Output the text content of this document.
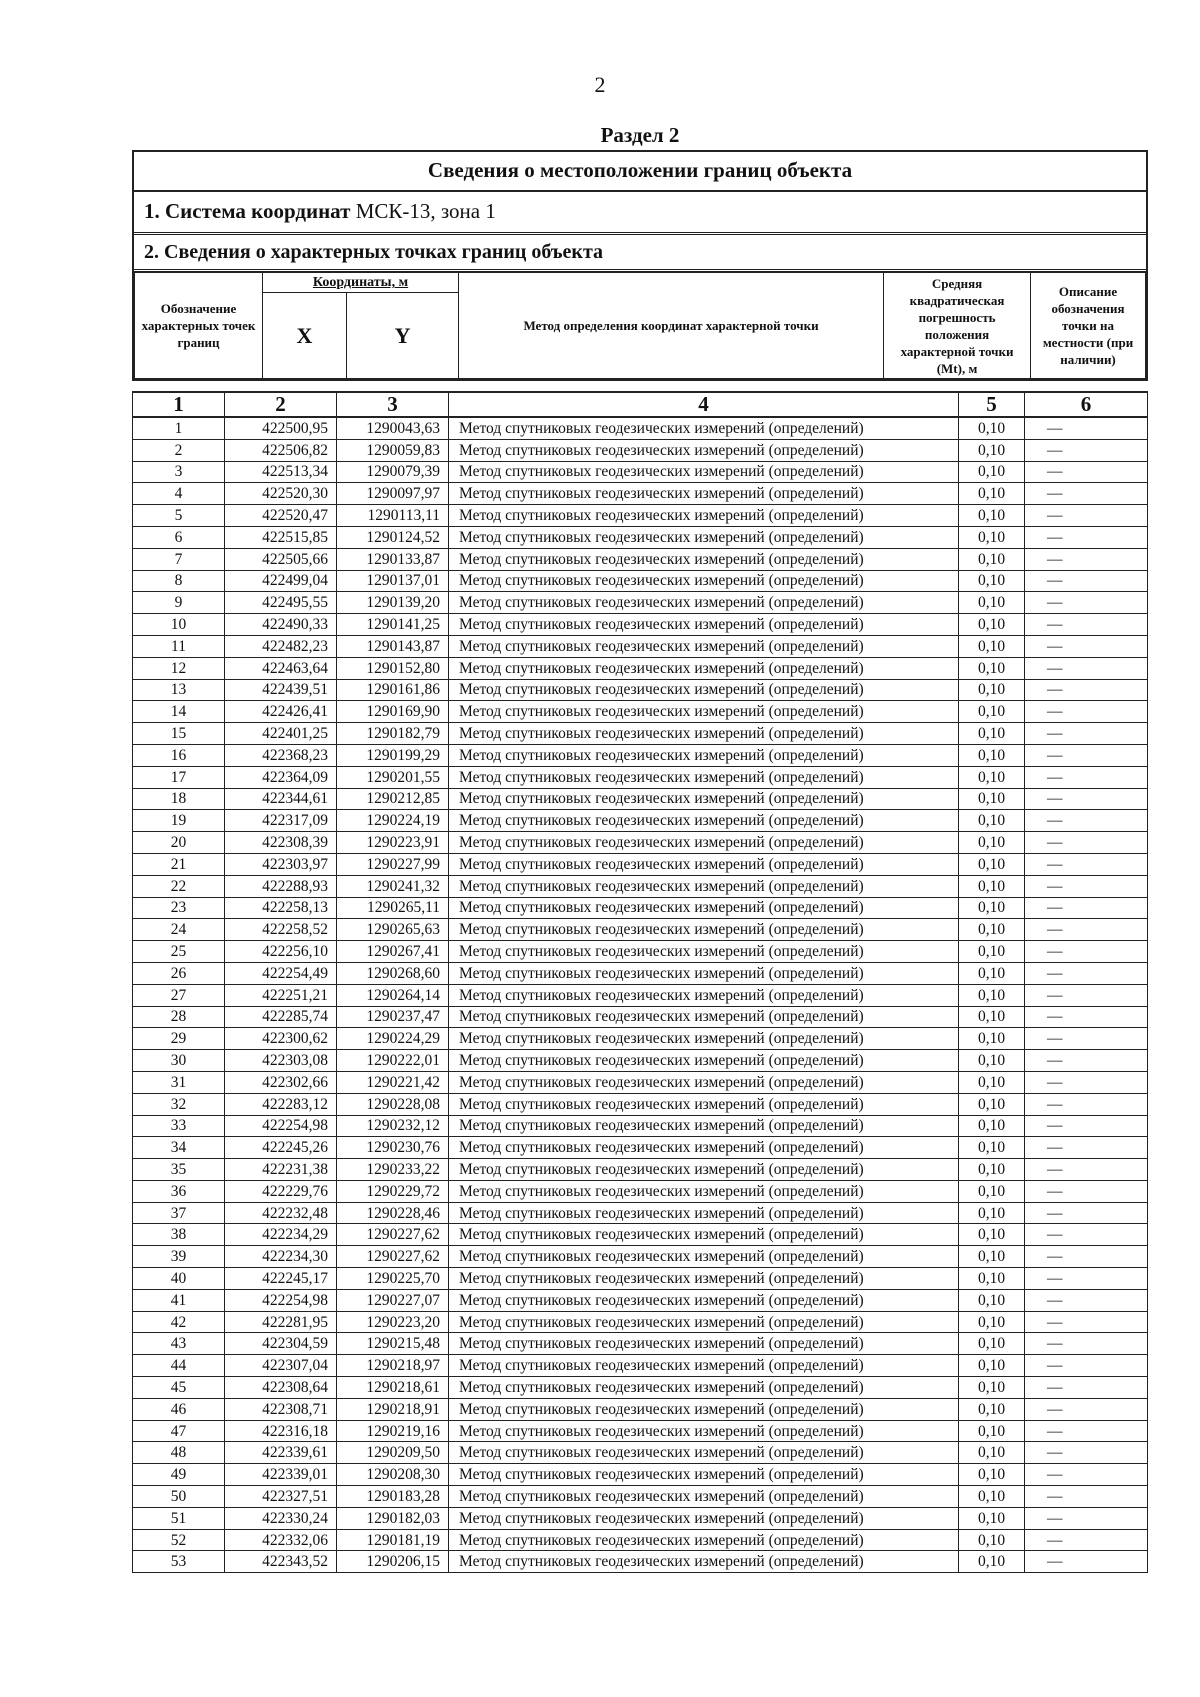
2
Раздел 2
Сведения о местоположении границ объекта
1. Система координат МСК-13, зона 1
2. Сведения о характерных точках границ объекта
Обозначение характерных точек границ	Координаты, м		Метод определения координат характерной точки	Средняя квадратическая погрешность положения характерной точки (Мt), м	Описание обозначения точки на местности (при наличии)
	X	Y			
1	2	3	4	5	6
1	422500,95	1290043,63	Метод спутниковых геодезических измерений (определений)	0,10	—
2	422506,82	1290059,83	Метод спутниковых геодезических измерений (определений)	0,10	—
3	422513,34	1290079,39	Метод спутниковых геодезических измерений (определений)	0,10	—
4	422520,30	1290097,97	Метод спутниковых геодезических измерений (определений)	0,10	—
5	422520,47	1290113,11	Метод спутниковых геодезических измерений (определений)	0,10	—
6	422515,85	1290124,52	Метод спутниковых геодезических измерений (определений)	0,10	—
7	422505,66	1290133,87	Метод спутниковых геодезических измерений (определений)	0,10	—
8	422499,04	1290137,01	Метод спутниковых геодезических измерений (определений)	0,10	—
9	422495,55	1290139,20	Метод спутниковых геодезических измерений (определений)	0,10	—
10	422490,33	1290141,25	Метод спутниковых геодезических измерений (определений)	0,10	—
11	422482,23	1290143,87	Метод спутниковых геодезических измерений (определений)	0,10	—
12	422463,64	1290152,80	Метод спутниковых геодезических измерений (определений)	0,10	—
13	422439,51	1290161,86	Метод спутниковых геодезических измерений (определений)	0,10	—
14	422426,41	1290169,90	Метод спутниковых геодезических измерений (определений)	0,10	—
15	422401,25	1290182,79	Метод спутниковых геодезических измерений (определений)	0,10	—
16	422368,23	1290199,29	Метод спутниковых геодезических измерений (определений)	0,10	—
17	422364,09	1290201,55	Метод спутниковых геодезических измерений (определений)	0,10	—
18	422344,61	1290212,85	Метод спутниковых геодезических измерений (определений)	0,10	—
19	422317,09	1290224,19	Метод спутниковых геодезических измерений (определений)	0,10	—
20	422308,39	1290223,91	Метод спутниковых геодезических измерений (определений)	0,10	—
21	422303,97	1290227,99	Метод спутниковых геодезических измерений (определений)	0,10	—
22	422288,93	1290241,32	Метод спутниковых геодезических измерений (определений)	0,10	—
23	422258,13	1290265,11	Метод спутниковых геодезических измерений (определений)	0,10	—
24	422258,52	1290265,63	Метод спутниковых геодезических измерений (определений)	0,10	—
25	422256,10	1290267,41	Метод спутниковых геодезических измерений (определений)	0,10	—
26	422254,49	1290268,60	Метод спутниковых геодезических измерений (определений)	0,10	—
27	422251,21	1290264,14	Метод спутниковых геодезических измерений (определений)	0,10	—
28	422285,74	1290237,47	Метод спутниковых геодезических измерений (определений)	0,10	—
29	422300,62	1290224,29	Метод спутниковых геодезических измерений (определений)	0,10	—
30	422303,08	1290222,01	Метод спутниковых геодезических измерений (определений)	0,10	—
31	422302,66	1290221,42	Метод спутниковых геодезических измерений (определений)	0,10	—
32	422283,12	1290228,08	Метод спутниковых геодезических измерений (определений)	0,10	—
33	422254,98	1290232,12	Метод спутниковых геодезических измерений (определений)	0,10	—
34	422245,26	1290230,76	Метод спутниковых геодезических измерений (определений)	0,10	—
35	422231,38	1290233,22	Метод спутниковых геодезических измерений (определений)	0,10	—
36	422229,76	1290229,72	Метод спутниковых геодезических измерений (определений)	0,10	—
37	422232,48	1290228,46	Метод спутниковых геодезических измерений (определений)	0,10	—
38	422234,29	1290227,62	Метод спутниковых геодезических измерений (определений)	0,10	—
39	422234,30	1290227,62	Метод спутниковых геодезических измерений (определений)	0,10	—
40	422245,17	1290225,70	Метод спутниковых геодезических измерений (определений)	0,10	—
41	422254,98	1290227,07	Метод спутниковых геодезических измерений (определений)	0,10	—
42	422281,95	1290223,20	Метод спутниковых геодезических измерений (определений)	0,10	—
43	422304,59	1290215,48	Метод спутниковых геодезических измерений (определений)	0,10	—
44	422307,04	1290218,97	Метод спутниковых геодезических измерений (определений)	0,10	—
45	422308,64	1290218,61	Метод спутниковых геодезических измерений (определений)	0,10	—
46	422308,71	1290218,91	Метод спутниковых геодезических измерений (определений)	0,10	—
47	422316,18	1290219,16	Метод спутниковых геодезических измерений (определений)	0,10	—
48	422339,61	1290209,50	Метод спутниковых геодезических измерений (определений)	0,10	—
49	422339,01	1290208,30	Метод спутниковых геодезических измерений (определений)	0,10	—
50	422327,51	1290183,28	Метод спутниковых геодезических измерений (определений)	0,10	—
51	422330,24	1290182,03	Метод спутниковых геодезических измерений (определений)	0,10	—
52	422332,06	1290181,19	Метод спутниковых геодезических измерений (определений)	0,10	—
53	422343,52	1290206,15	Метод спутниковых геодезических измерений (определений)	0,10	—
